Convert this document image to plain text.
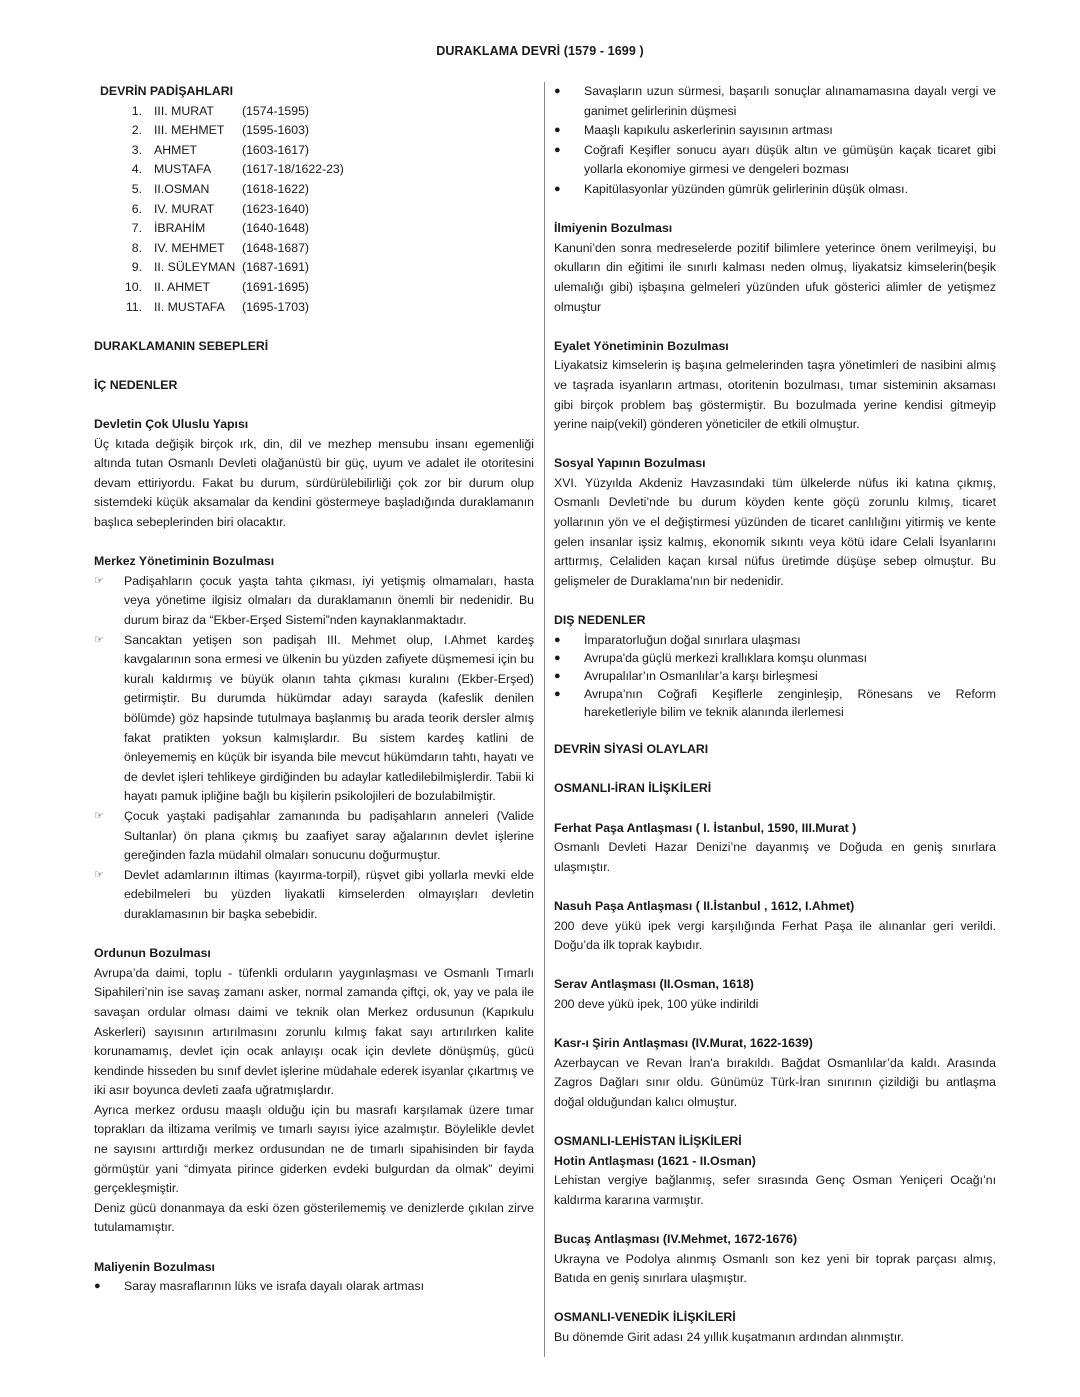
DURAKLAMA DEVRİ (1579 - 1699 )
DEVRİN PADİŞAHLARI
1. III. MURAT	(1574-1595)
2. III. MEHMET	(1595-1603)
3. AHMET	(1603-1617)
4. MUSTAFA	(1617-18/1622-23)
5. II.OSMAN	(1618-1622)
6. IV. MURAT	(1623-1640)
7. İBRAHİM	(1640-1648)
8. IV. MEHMET	(1648-1687)
9. II. SÜLEYMAN (1687-1691)
10. II. AHMET	(1691-1695)
11. II. MUSTAFA	(1695-1703)
DURAKLAMANIN SEBEPLERİ
İÇ NEDENLER
Devletin Çok Uluslu Yapısı

Üç kıtada değişik birçok ırk, din, dil ve mezhep mensubu insanı egemenliği altında tutan Osmanlı Devleti olağanüstü bir güç, uyum ve adalet ile otoritesini devam ettiriyordu. Fakat bu durum, sürdürülebilirliği çok zor bir durum olup sistemdeki küçük aksamalar da kendini göstermeye başladığında duraklamanın başlıca sebeplerinden biri olacaktır.

Merkez Yönetiminin Bozulması
☞	Padişahların çocuk yaşta tahta çıkması, iyi yetişmiş olmamaları, hasta veya yönetime ilgisiz olmaları da duraklamanın önemli bir nedenidir. Bu durum biraz da “Ekber-Erşed Sistemi”nden kaynaklanmaktadır.
☞	Sancaktan yetişen son padişah III. Mehmet olup, I.Ahmet kardeş kavgalarının sona ermesi ve ülkenin bu yüzden zafiyete düşmemesi için bu kuralı kaldırmış ve büyük olanın tahta çıkması kuralını (Ekber-Erşed) getirmiştir. Bu durumda hükümdar adayı sarayda (kafeslik denilen bölümde) göz hapsinde tutulmaya başlanmış bu arada teorik dersler almış fakat pratikten yoksun kalmışlardır. Bu sistem kardeş katlini de önleyememiş en küçük bir isyanda bile mevcut hükümdarın tahtı, hayatı ve de devlet işleri tehlikeye girdiğinden bu adaylar katledilebilmişlerdir. Tabii ki hayatı pamuk ipliğine bağlı bu kişilerin psikolojileri de bozulabilmiştir.
☞	Çocuk yaştaki padişahlar zamanında bu padişahların anneleri (Valide Sultanlar) ön plana çıkmış bu zaafiyet saray ağalarının devlet işlerine gereğinden fazla müdahil olmaları sonucunu doğurmuştur.
☞	Devlet adamlarının iltimas (kayırma-torpil), rüşvet gibi yollarla mevki elde edebilmeleri bu yüzden liyakatli kimselerden olmayışları devletin duraklamasının bir başka sebebidir.
Ordunun Bozulması

Avrupa’da daimi, toplu - tüfenkli orduların yaygınlaşması ve Osmanlı Tımarlı Sipahileri’nin ise savaş zamanı asker, normal zamanda çiftçi, ok, yay ve pala ile savaşan ordular olması daimi ve teknik olan Merkez ordusunun (Kapıkulu Askerleri) sayısının artırılmasını zorunlu kılmış fakat sayı artırılırken kalite korunamamış, devlet için ocak anlayışı ocak için devlete dönüşmüş, gücü kendinde hisseden bu sınıf devlet işlerine müdahale ederek isyanlar çıkartmış ve iki asır boyunca devleti zaafa uğratmışlardır.

Ayrıca merkez ordusu maaşlı olduğu için bu masrafı karşılamak üzere tımar toprakları da iltizama verilmiş ve tımarlı sayısı iyice azalmıştır. Böylelikle devlet ne sayısını arttırdığı merkez ordusundan ne de tımarlı sipahisinden bir fayda görmüştür yani “dimyata pirince giderken evdeki bulgurdan da olmak” deyimi gerçekleşmiştir.

Deniz gücü donanmaya da eski özen gösterilememiş ve denizlerde çıkılan zirve tutulamamıştır.

Maliyenin Bozulması
●	Saray masraflarının lüks ve israfa dayalı olarak artması
●	Savaşların uzun sürmesi, başarılı sonuçlar alınamamasına dayalı vergi ve ganimet gelirlerinin düşmesi
●	Maaşlı kapıkulu askerlerinin sayısının artması
●	Coğrafi Keşifler sonucu ayarı düşük altın ve gümüşün kaçak ticaret gibi yollarla ekonomiye girmesi ve dengeleri bozması
●	Kapitülasyonlar yüzünden gümrük gelirlerinin düşük olması.
İlmiyenin Bozulması

Kanuni’den sonra medreselerde pozitif bilimlere yeterince önem verilmeyişi, bu okulların din eğitimi ile sınırlı kalması neden olmuş, liyakatsiz kimselerin(beşik ulemalığı gibi) işbaşına gelmeleri yüzünden ufuk gösterici alimler de yetişmez olmuştur

Eyalet Yönetiminin Bozulması

Liyakatsiz kimselerin iş başına gelmelerinden taşra yönetimleri de nasibini almış ve taşrada isyanların artması, otoritenin bozulması, tımar sisteminin aksaması gibi birçok problem baş göstermiştir. Bu bozulmada yerine kendisi gitmeyip yerine naip(vekil) gönderen yöneticiler de etkili olmuştur.

Sosyal Yapının Bozulması

XVI. Yüzyılda Akdeniz Havzasındaki tüm ülkelerde nüfus iki katına çıkmış, Osmanlı Devleti’nde bu durum köyden kente göçü zorunlu kılmış, ticaret yollarının yön ve el değiştirmesi yüzünden de ticaret canlılığını yitirmiş ve kente gelen insanlar işsiz kalmış, ekonomik sıkıntı veya kötü idare Celali İsyanlarını arttırmış, Celaliden kaçan kırsal nüfus üretimde düşüşe sebep olmuştur. Bu gelişmeler de Duraklama’nın bir nedenidir.

DIŞ NEDENLER
●	İmparatorluğun doğal sınırlara ulaşması
●	Avrupa'da güçlü merkezi krallıklara komşu olunması
●	Avrupalılar’ın Osmanlılar’a karşı birleşmesi
●	Avrupa’nın Coğrafi Keşiflerle zenginleşip, Rönesans ve Reform hareketleriyle bilim ve teknik alanında ilerlemesi
DEVRİN SİYASİ OLAYLARI
OSMANLI-İRAN İLİŞKİLERİ
Ferhat Paşa Antlaşması ( I. İstanbul, 1590, III.Murat )

Osmanlı Devleti Hazar Denizi’ne dayanmış ve Doğuda en geniş sınırlara ulaşmıştır.

Nasuh Paşa Antlaşması ( II.İstanbul , 1612, I.Ahmet)

200 deve yükü ipek vergi karşılığında Ferhat Paşa ile alınanlar geri verildi. Doğu’da ilk toprak kaybıdır.

Serav Antlaşması (II.Osman, 1618)

200 deve yükü ipek, 100 yüke indirildi

Kasr-ı Şirin Antlaşması (IV.Murat, 1622-1639)

Azerbaycan ve Revan İran'a bırakıldı. Bağdat Osmanlılar’da kaldı. Arasında Zagros Dağları sınır oldu. Günümüz Türk-İran sınırının çizildiği bu antlaşma doğal olduğundan kalıcı olmuştur.

OSMANLI-LEHİSTAN İLİŞKİLERİ
Hotin Antlaşması (1621 - II.Osman)

Lehistan vergiye bağlanmış, sefer sırasında Genç Osman Yeniçeri Ocağı’nı kaldırma kararına varmıştır.

Bucaş Antlaşması (IV.Mehmet, 1672-1676)

Ukrayna ve Podolya alınmış Osmanlı son kez yeni bir toprak parçası almış, Batıda en geniş sınırlara ulaşmıştır.

OSMANLI-VENEDİK İLİŞKİLERİ

Bu dönemde Girit adası 24 yıllık kuşatmanın ardından alınmıştır.
